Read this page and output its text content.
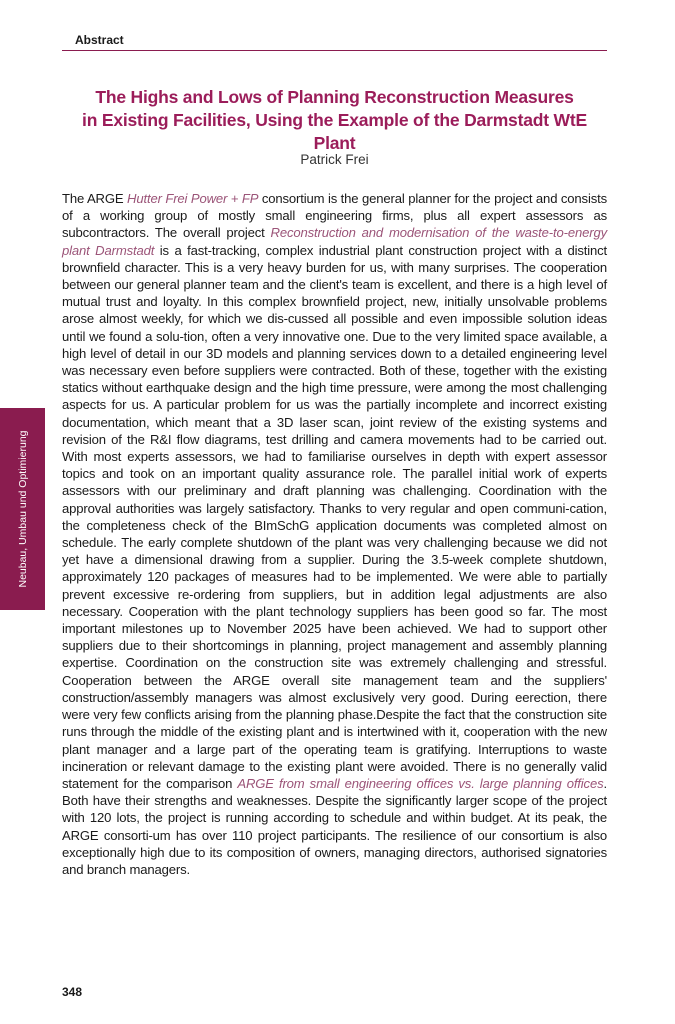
Abstract
The Highs and Lows of Planning Reconstruction Measures
in Existing Facilities, Using the Example of the Darmstadt WtE Plant
Patrick Frei
Neubau, Umbau und Optimierung
The ARGE Hutter Frei Power + FP consortium is the general planner for the project and consists of a working group of mostly small engineering firms, plus all expert assessors as subcontractors. The overall project Reconstruction and modernisation of the waste-to-energy plant Darmstadt is a fast-tracking, complex industrial plant construction project with a distinct brownfield character. This is a very heavy burden for us, with many surprises. The cooperation between our general planner team and the client's team is excellent, and there is a high level of mutual trust and loyalty. In this complex brownfield project, new, initially unsolvable problems arose almost weekly, for which we dis-cussed all possible and even impossible solution ideas until we found a solu-tion, often a very innovative one. Due to the very limited space available, a high level of detail in our 3D models and planning services down to a detailed engineering level was necessary even before suppliers were contracted. Both of these, together with the existing statics without earthquake design and the high time pressure, were among the most challenging aspects for us. A particular problem for us was the partially incomplete and incorrect existing documentation, which meant that a 3D laser scan, joint review of the existing systems and revision of the R&I flow diagrams, test drilling and camera movements had to be carried out. With most experts assessors, we had to familiarise ourselves in depth with expert assessor topics and took on an important quality assurance role. The parallel initial work of experts assessors with our preliminary and draft planning was challenging. Coordination with the approval authorities was largely satisfactory. Thanks to very regular and open communi-cation, the completeness check of the BImSchG application documents was completed almost on schedule. The early complete shutdown of the plant was very challenging because we did not yet have a dimensional drawing from a supplier. During the 3.5-week complete shutdown, approximately 120 packages of measures had to be implemented. We were able to partially prevent excessive re-ordering from suppliers, but in addition legal adjustments are also necessary. Cooperation with the plant technology suppliers has been good so far. The most important milestones up to November 2025 have been achieved. We had to support other suppliers due to their shortcomings in planning, project management and assembly planning expertise. Coordination on the construction site was extremely challenging and stressful. Cooperation between the ARGE overall site management team and the suppliers' construction/assembly managers was almost exclusively very good. During eerection, there were very few conflicts arising from the planning phase.Despite the fact that the construction site runs through the middle of the existing plant and is intertwined with it, cooperation with the new plant manager and a large part of the operating team is gratifying. Interruptions to waste incineration or relevant damage to the existing plant were avoided. There is no generally valid statement for the comparison ARGE from small engineering offices vs. large planning offices. Both have their strengths and weaknesses. Despite the significantly larger scope of the project with 120 lots, the project is running according to schedule and within budget. At its peak, the ARGE consorti-um has over 110 project participants. The resilience of our consortium is also exceptionally high due to its composition of owners, managing directors, authorised signatories and branch managers.
348
